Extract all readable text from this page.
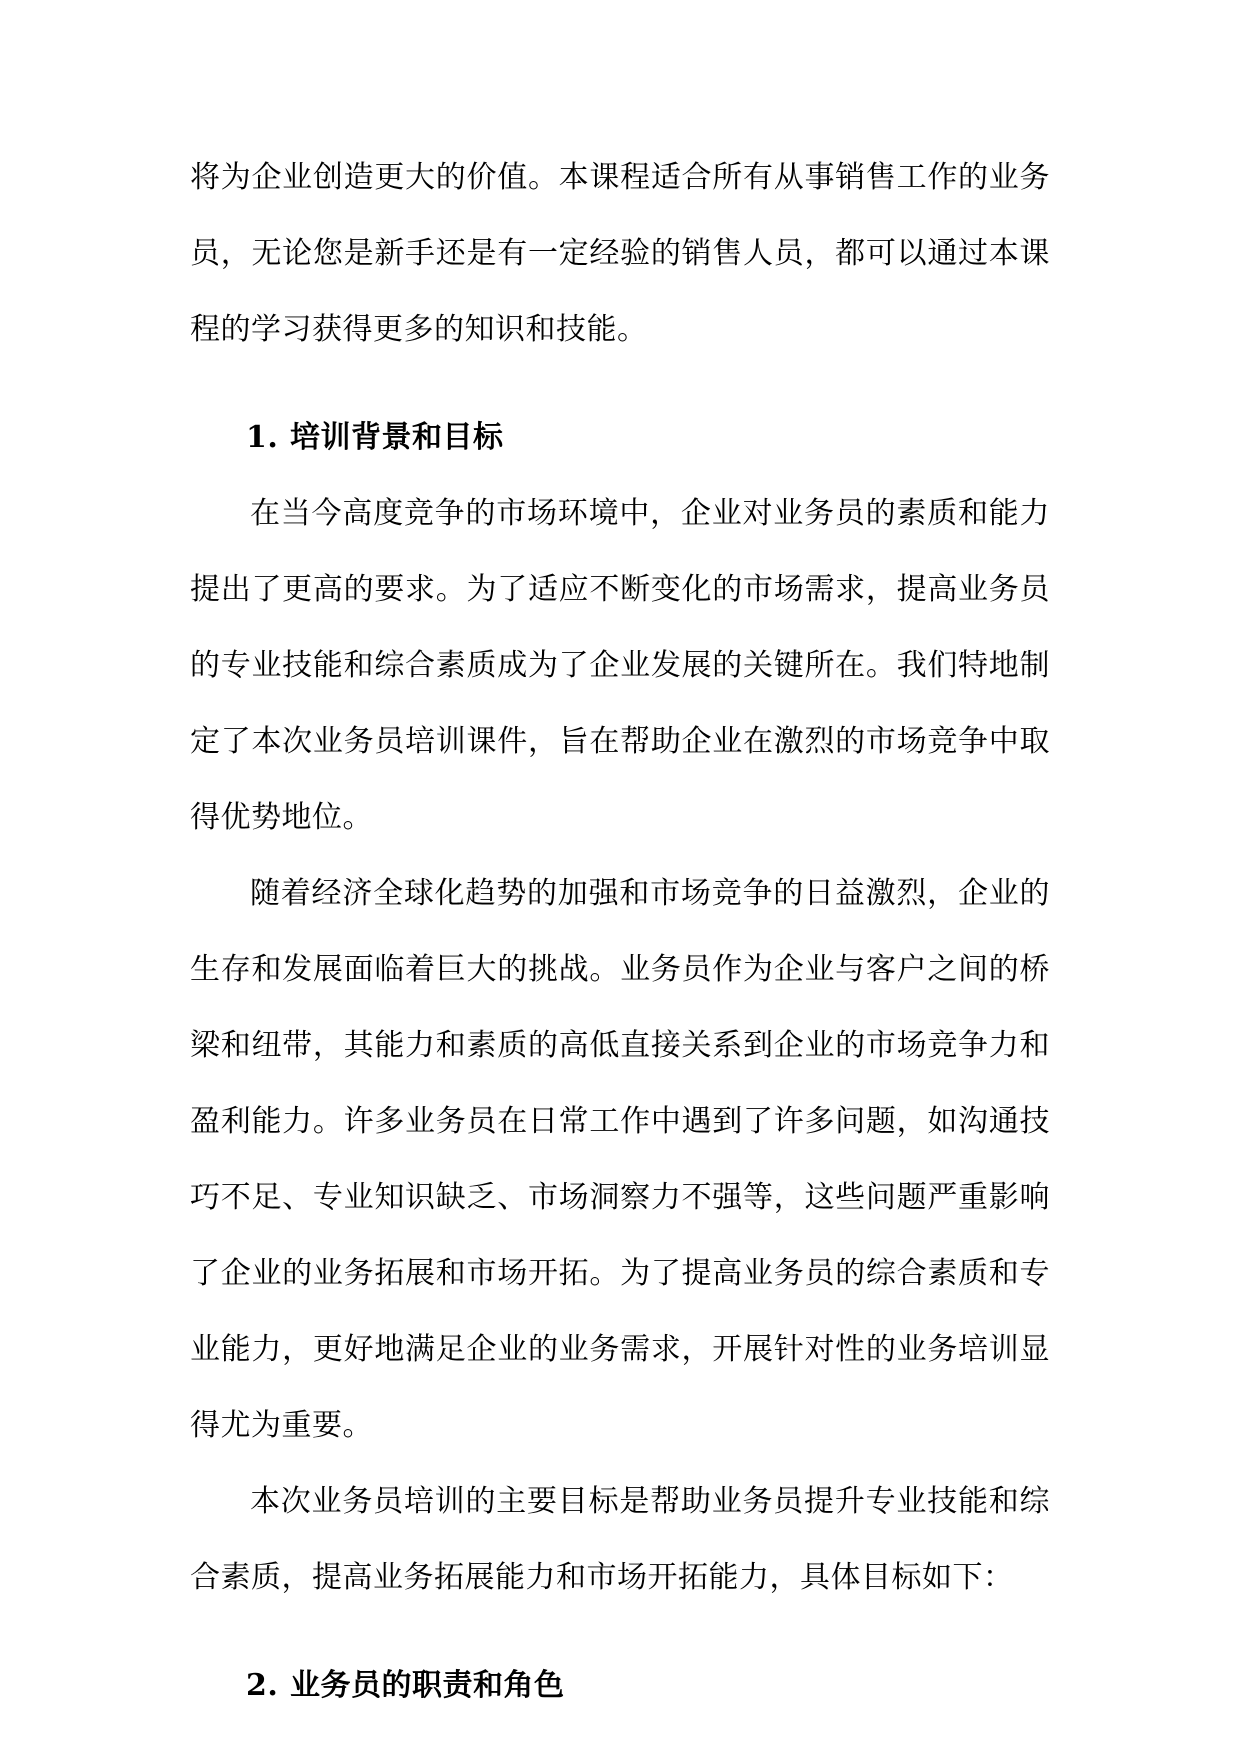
将为企业创造更大的价值。本课程适合所有从事销售工作的业务员，无论您是新手还是有一定经验的销售人员，都可以通过本课程的学习获得更多的知识和技能。

1. 培训背景和目标

在当今高度竞争的市场环境中，企业对业务员的素质和能力提出了更高的要求。为了适应不断变化的市场需求，提高业务员的专业技能和综合素质成为了企业发展的关键所在。我们特地制定了本次业务员培训课件，旨在帮助企业在激烈的市场竞争中取得优势地位。

随着经济全球化趋势的加强和市场竞争的日益激烈，企业的生存和发展面临着巨大的挑战。业务员作为企业与客户之间的桥梁和纽带，其能力和素质的高低直接关系到企业的市场竞争力和盈利能力。许多业务员在日常工作中遇到了许多问题，如沟通技巧不足、专业知识缺乏、市场洞察力不强等，这些问题严重影响了企业的业务拓展和市场开拓。为了提高业务员的综合素质和专业能力，更好地满足企业的业务需求，开展针对性的业务培训显得尤为重要。

本次业务员培训的主要目标是帮助业务员提升专业技能和综合素质，提高业务拓展能力和市场开拓能力，具体目标如下：

2. 业务员的职责和角色
